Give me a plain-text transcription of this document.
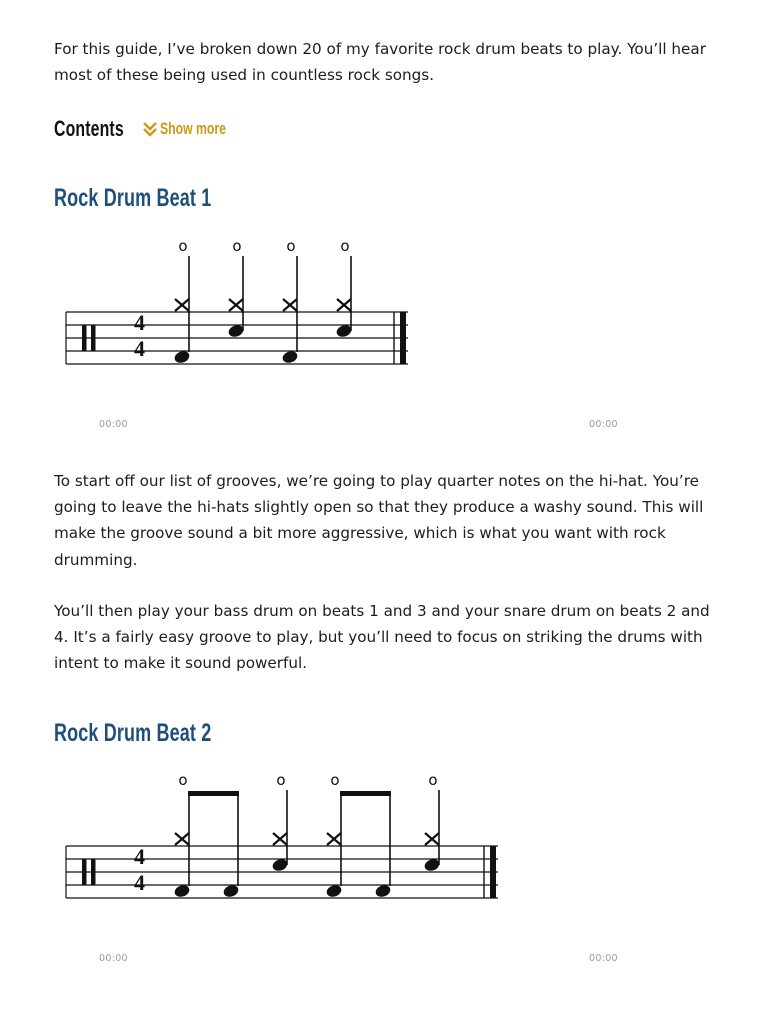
For this guide, I’ve broken down 20 of my favorite rock drum beats to play. You’ll hear most of these being used in countless rock songs.

Contents Show more
Rock Drum Beat 1
4
4
o	o	o	o
00:00	00:00

To start off our list of grooves, we’re going to play quarter notes on the hi-hat. You’re going to leave the hi-hats slightly open so that they produce a washy sound. This will make the groove sound a bit more aggressive, which is what you want with rock drumming.

You’ll then play your bass drum on beats 1 and 3 and your snare drum on beats 2 and 4. It’s a fairly easy groove to play, but you’ll need to focus on striking the drums with intent to make it sound powerful.

Rock Drum Beat 2
4
4
o	o	o	o
00:00	00:00
